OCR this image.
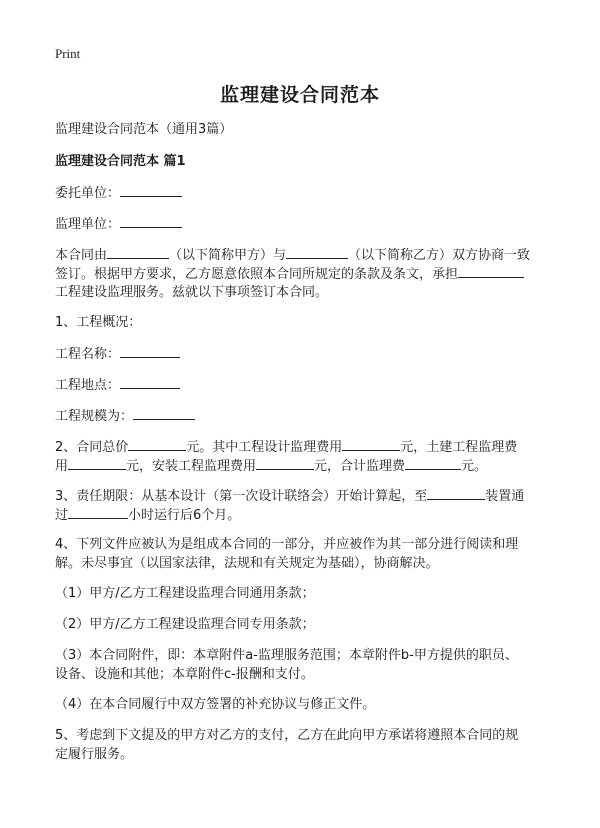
Print
监理建设合同范本

监理建设合同范本（通用3篇）

监理建设合同范本 篇1

委托单位：

监理单位：

本合同由	（以下简称甲方）与	（以下简称乙方）双方协商一致

签订。根据甲方要求，乙方愿意依照本合同所规定的条款及条文，承担

工程建设监理服务。兹就以下事项签订本合同。

1、工程概况：

工程名称：

工程地点：

工程规模为：

2、合同总价	元。其中工程设计监理费用	元，土建工程监理费

用	元，安装工程监理费用	元，合计监理费	元。

3、责任期限：从基本设计（第一次设计联络会）开始计算起，至	装置通

过	小时运行后6个月。

4、下列文件应被认为是组成本合同的一部分，并应被作为其一部分进行阅读和理

解。未尽事宜（以国家法律，法规和有关规定为基础），协商解决。

（1）甲方/乙方工程建设监理合同通用条款；

（2）甲方/乙方工程建设监理合同专用条款；

（3）本合同附件，即：本章附件a-监理服务范围；本章附件b-甲方提供的职员、

设备、设施和其他；本章附件c-报酬和支付。

（4）在本合同履行中双方签署的补充协议与修正文件。

5、考虑到下文提及的甲方对乙方的支付，乙方在此向甲方承诺将遵照本合同的规

定履行服务。
